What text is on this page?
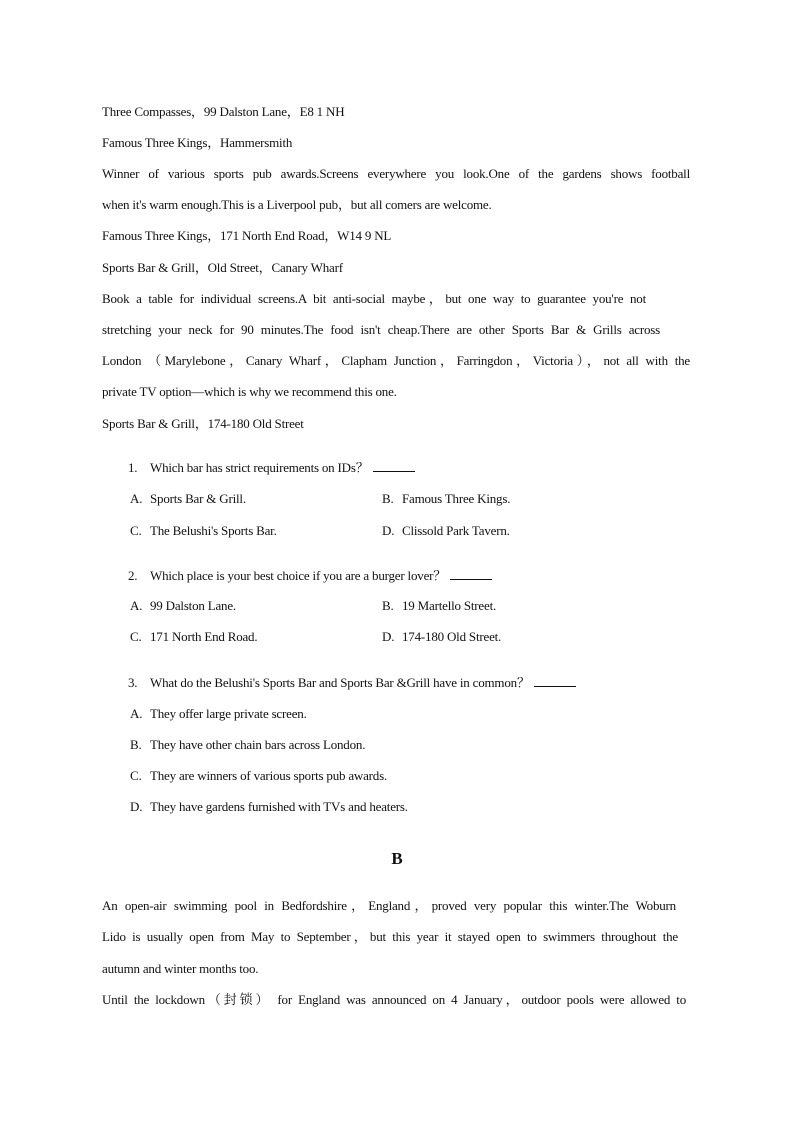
Three Compasses，99 Dalston Lane，E8 1 NH
Famous Three Kings，Hammersmith
Winner of various sports pub awards.Screens everywhere you look.One of the gardens shows football
when it's warm enough.This is a Liverpool pub，but all comers are welcome.
Famous Three Kings，171 North End Road，W14 9 NL
Sports Bar & Grill，Old Street，Canary Wharf
Book a table for individual screens.A bit anti-social maybe，but one way to guarantee you're not
stretching your neck for 90 minutes.The food isn't cheap.There are other Sports Bar & Grills across
London （Marylebone，Canary Wharf，Clapham Junction，Farringdon，Victoria），not all with the
private TV option—which is why we recommend this one.
Sports Bar & Grill，174-180 Old Street
1. Which bar has strict requirements on IDs？
A. Sports Bar & Grill.	B. Famous Three Kings.
C. The Belushi's Sports Bar.	D. Clissold Park Tavern.
2. Which place is your best choice if you are a burger lover？
A. 99 Dalston Lane.	B. 19 Martello Street.
C. 171 North End Road.	D. 174-180 Old Street.
3. What do the Belushi's Sports Bar and Sports Bar &Grill have in common？
A. They offer large private screen.
B. They have other chain bars across London.
C. They are winners of various sports pub awards.
D. They have gardens furnished with TVs and heaters.
B
An open-air swimming pool in Bedfordshire，England，proved very popular this winter.The Woburn
Lido is usually open from May to September，but this year it stayed open to swimmers throughout the
autumn and winter months too.
Until the lockdown（封锁） for England was announced on 4 January，outdoor pools were allowed to
